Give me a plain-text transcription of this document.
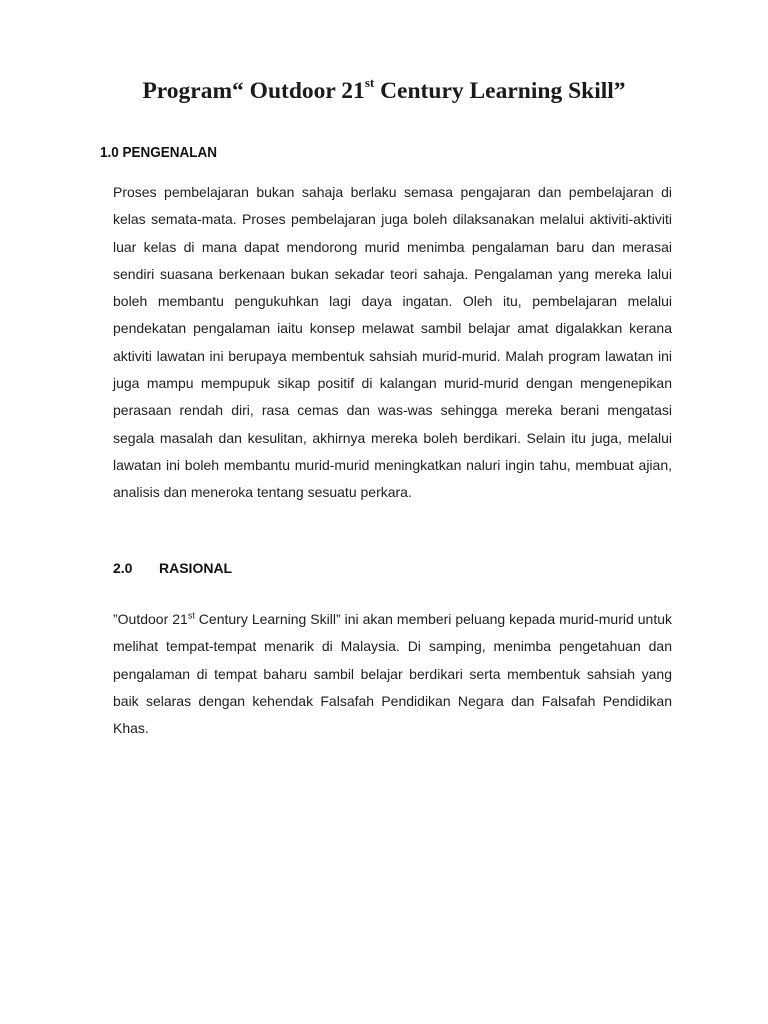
Program“ Outdoor 21st Century Learning Skill”
1.0 PENGENALAN

Proses pembelajaran bukan sahaja berlaku semasa pengajaran dan pembelajaran di kelas semata-mata. Proses pembelajaran juga boleh dilaksanakan melalui aktiviti-aktiviti luar kelas di mana dapat mendorong murid menimba pengalaman baru dan merasai sendiri suasana berkenaan bukan sekadar teori sahaja. Pengalaman yang mereka lalui boleh membantu pengukuhkan lagi daya ingatan. Oleh itu, pembelajaran melalui pendekatan pengalaman iaitu konsep melawat sambil belajar amat digalakkan kerana aktiviti lawatan ini berupaya membentuk sahsiah murid-murid. Malah program lawatan ini juga mampu mempupuk sikap positif di kalangan murid-murid dengan mengenepikan perasaan rendah diri, rasa cemas dan was-was sehingga mereka berani mengatasi segala masalah dan kesulitan, akhirnya mereka boleh berdikari. Selain itu juga, melalui lawatan ini boleh membantu murid-murid meningkatkan naluri ingin tahu, membuat ajian, analisis dan meneroka tentang sesuatu perkara.

2.0 RASIONAL

”Outdoor 21st Century Learning Skill” ini akan memberi peluang kepada murid-murid untuk melihat tempat-tempat menarik di Malaysia. Di samping, menimba pengetahuan dan pengalaman di tempat baharu sambil belajar berdikari serta membentuk sahsiah yang baik selaras dengan kehendak Falsafah Pendidikan Negara dan Falsafah Pendidikan Khas.
